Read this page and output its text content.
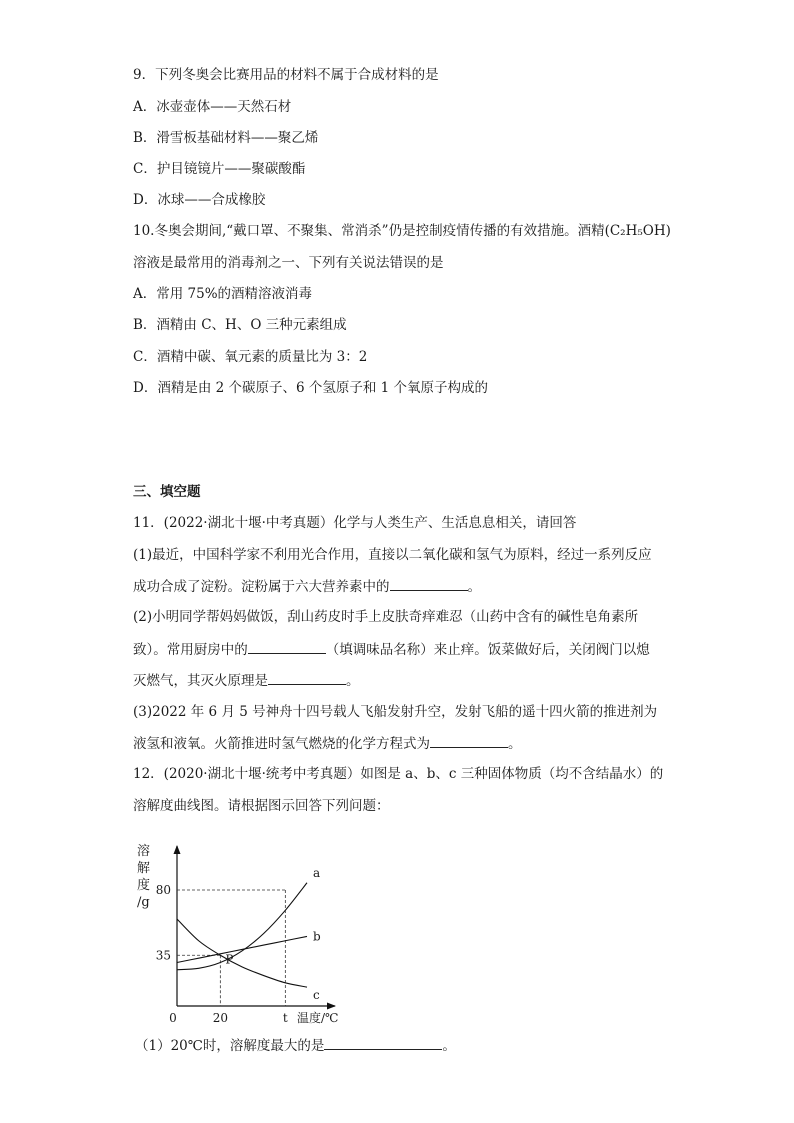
9．下列冬奥会比赛用品的材料不属于合成材料的是
A．冰壶壶体——天然石材
B．滑雪板基础材料——聚乙烯
C．护目镜镜片——聚碳酸酯
D．冰球——合成橡胶
10.冬奥会期间,“戴口罩、不聚集、常消杀”仍是控制疫情传播的有效措施。酒精(C₂H₅OH)
溶液是最常用的消毒剂之一、下列有关说法错误的是
A．常用 75%的酒精溶液消毒
B．酒精由 C、H、O 三种元素组成
C．酒精中碳、氧元素的质量比为 3：2
D．酒精是由 2 个碳原子、6 个氢原子和 1 个氧原子构成的
三、填空题
11．(2022·湖北十堰·中考真题）化学与人类生产、生活息息相关，请回答
(1)最近，中国科学家不利用光合作用，直接以二氧化碳和氢气为原料，经过一系列反应
成功合成了淀粉。淀粉属于六大营养素中的	。
(2)小明同学帮妈妈做饭，刮山药皮时手上皮肤奇痒难忍（山药中含有的碱性皂角素所
致）。常用厨房中的	（填调味品名称）来止痒。饭菜做好后，关闭阀门以熄
灭燃气，其灭火原理是	。
(3)2022 年 6 月 5 号神舟十四号载人飞船发射升空，发射飞船的遥十四火箭的推进剂为
液氢和液氧。火箭推进时氢气燃烧的化学方程式为	。
12．(2020·湖北十堰·统考中考真题）如图是 a、b、c 三种固体物质（均不含结晶水）的
溶解度曲线图。请根据图示回答下列问题：
溶
解
度
/g
0	20	t
35
80
温度/℃
a
b
c
P
（1）20℃时，溶解度最大的是	。
